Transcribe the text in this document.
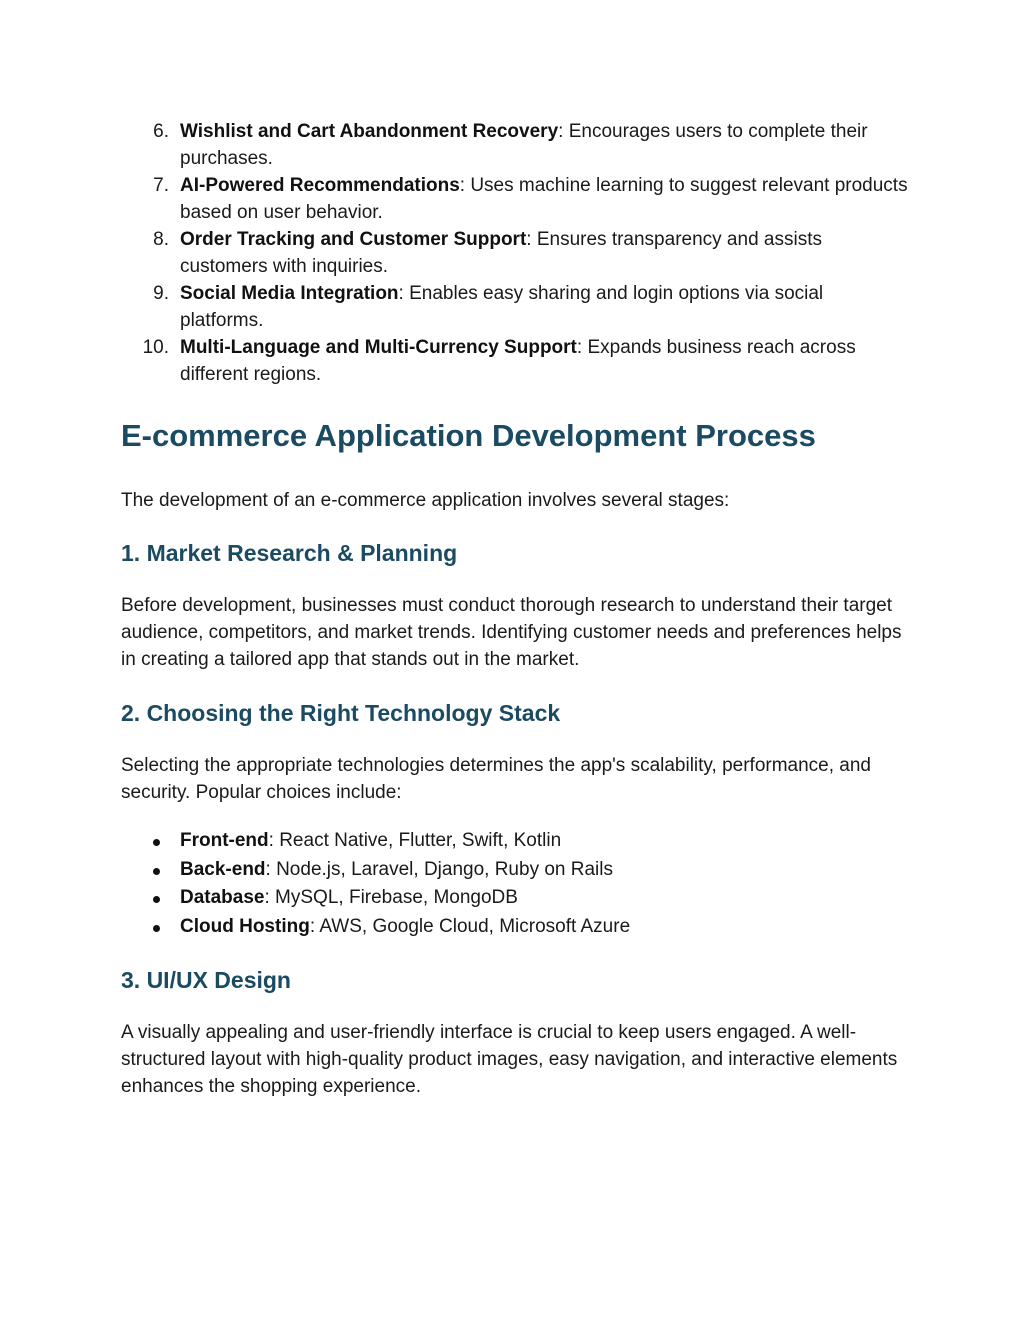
6. Wishlist and Cart Abandonment Recovery: Encourages users to complete their purchases.
7. AI-Powered Recommendations: Uses machine learning to suggest relevant products based on user behavior.
8. Order Tracking and Customer Support: Ensures transparency and assists customers with inquiries.
9. Social Media Integration: Enables easy sharing and login options via social platforms.
10. Multi-Language and Multi-Currency Support: Expands business reach across different regions.
E-commerce Application Development Process

The development of an e-commerce application involves several stages:

1. Market Research & Planning

Before development, businesses must conduct thorough research to understand their target audience, competitors, and market trends. Identifying customer needs and preferences helps in creating a tailored app that stands out in the market.

2. Choosing the Right Technology Stack

Selecting the appropriate technologies determines the app's scalability, performance, and security. Popular choices include:

Front-end: React Native, Flutter, Swift, Kotlin
Back-end: Node.js, Laravel, Django, Ruby on Rails
Database: MySQL, Firebase, MongoDB
Cloud Hosting: AWS, Google Cloud, Microsoft Azure
3. UI/UX Design

A visually appealing and user-friendly interface is crucial to keep users engaged. A well-structured layout with high-quality product images, easy navigation, and interactive elements enhances the shopping experience.
